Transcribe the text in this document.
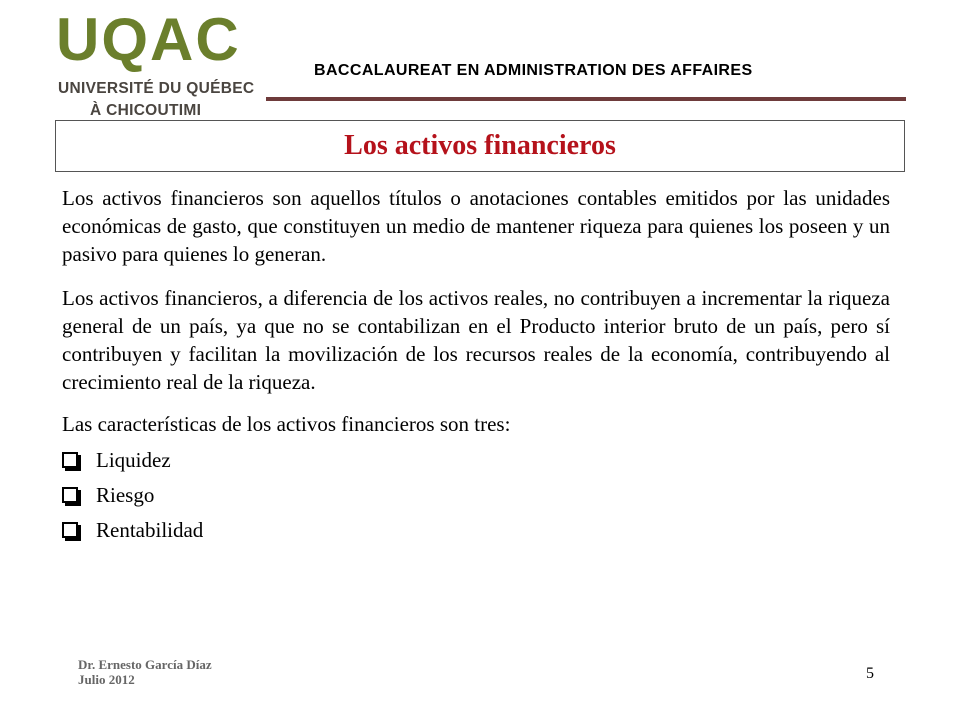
UQAC
UNIVERSITÉ DU QUÉBEC
À CHICOUTIMI
BACCALAUREAT EN ADMINISTRATION DES AFFAIRES
Los activos financieros

Los activos financieros son aquellos títulos o anotaciones contables emitidos por las unidades económicas de gasto, que constituyen un medio de mantener riqueza para quienes los poseen y un pasivo para quienes lo generan.

Los activos financieros, a diferencia de los activos reales, no contribuyen a incrementar la riqueza general de un país, ya que no se contabilizan en el Producto interior bruto de un país, pero sí contribuyen y facilitan la movilización de los recursos reales de la economía, contribuyendo al crecimiento real de la riqueza.

Las características de los activos financieros son tres:

Liquidez
Riesgo
Rentabilidad
Dr. Ernesto García Díaz
Julio 2012	5
